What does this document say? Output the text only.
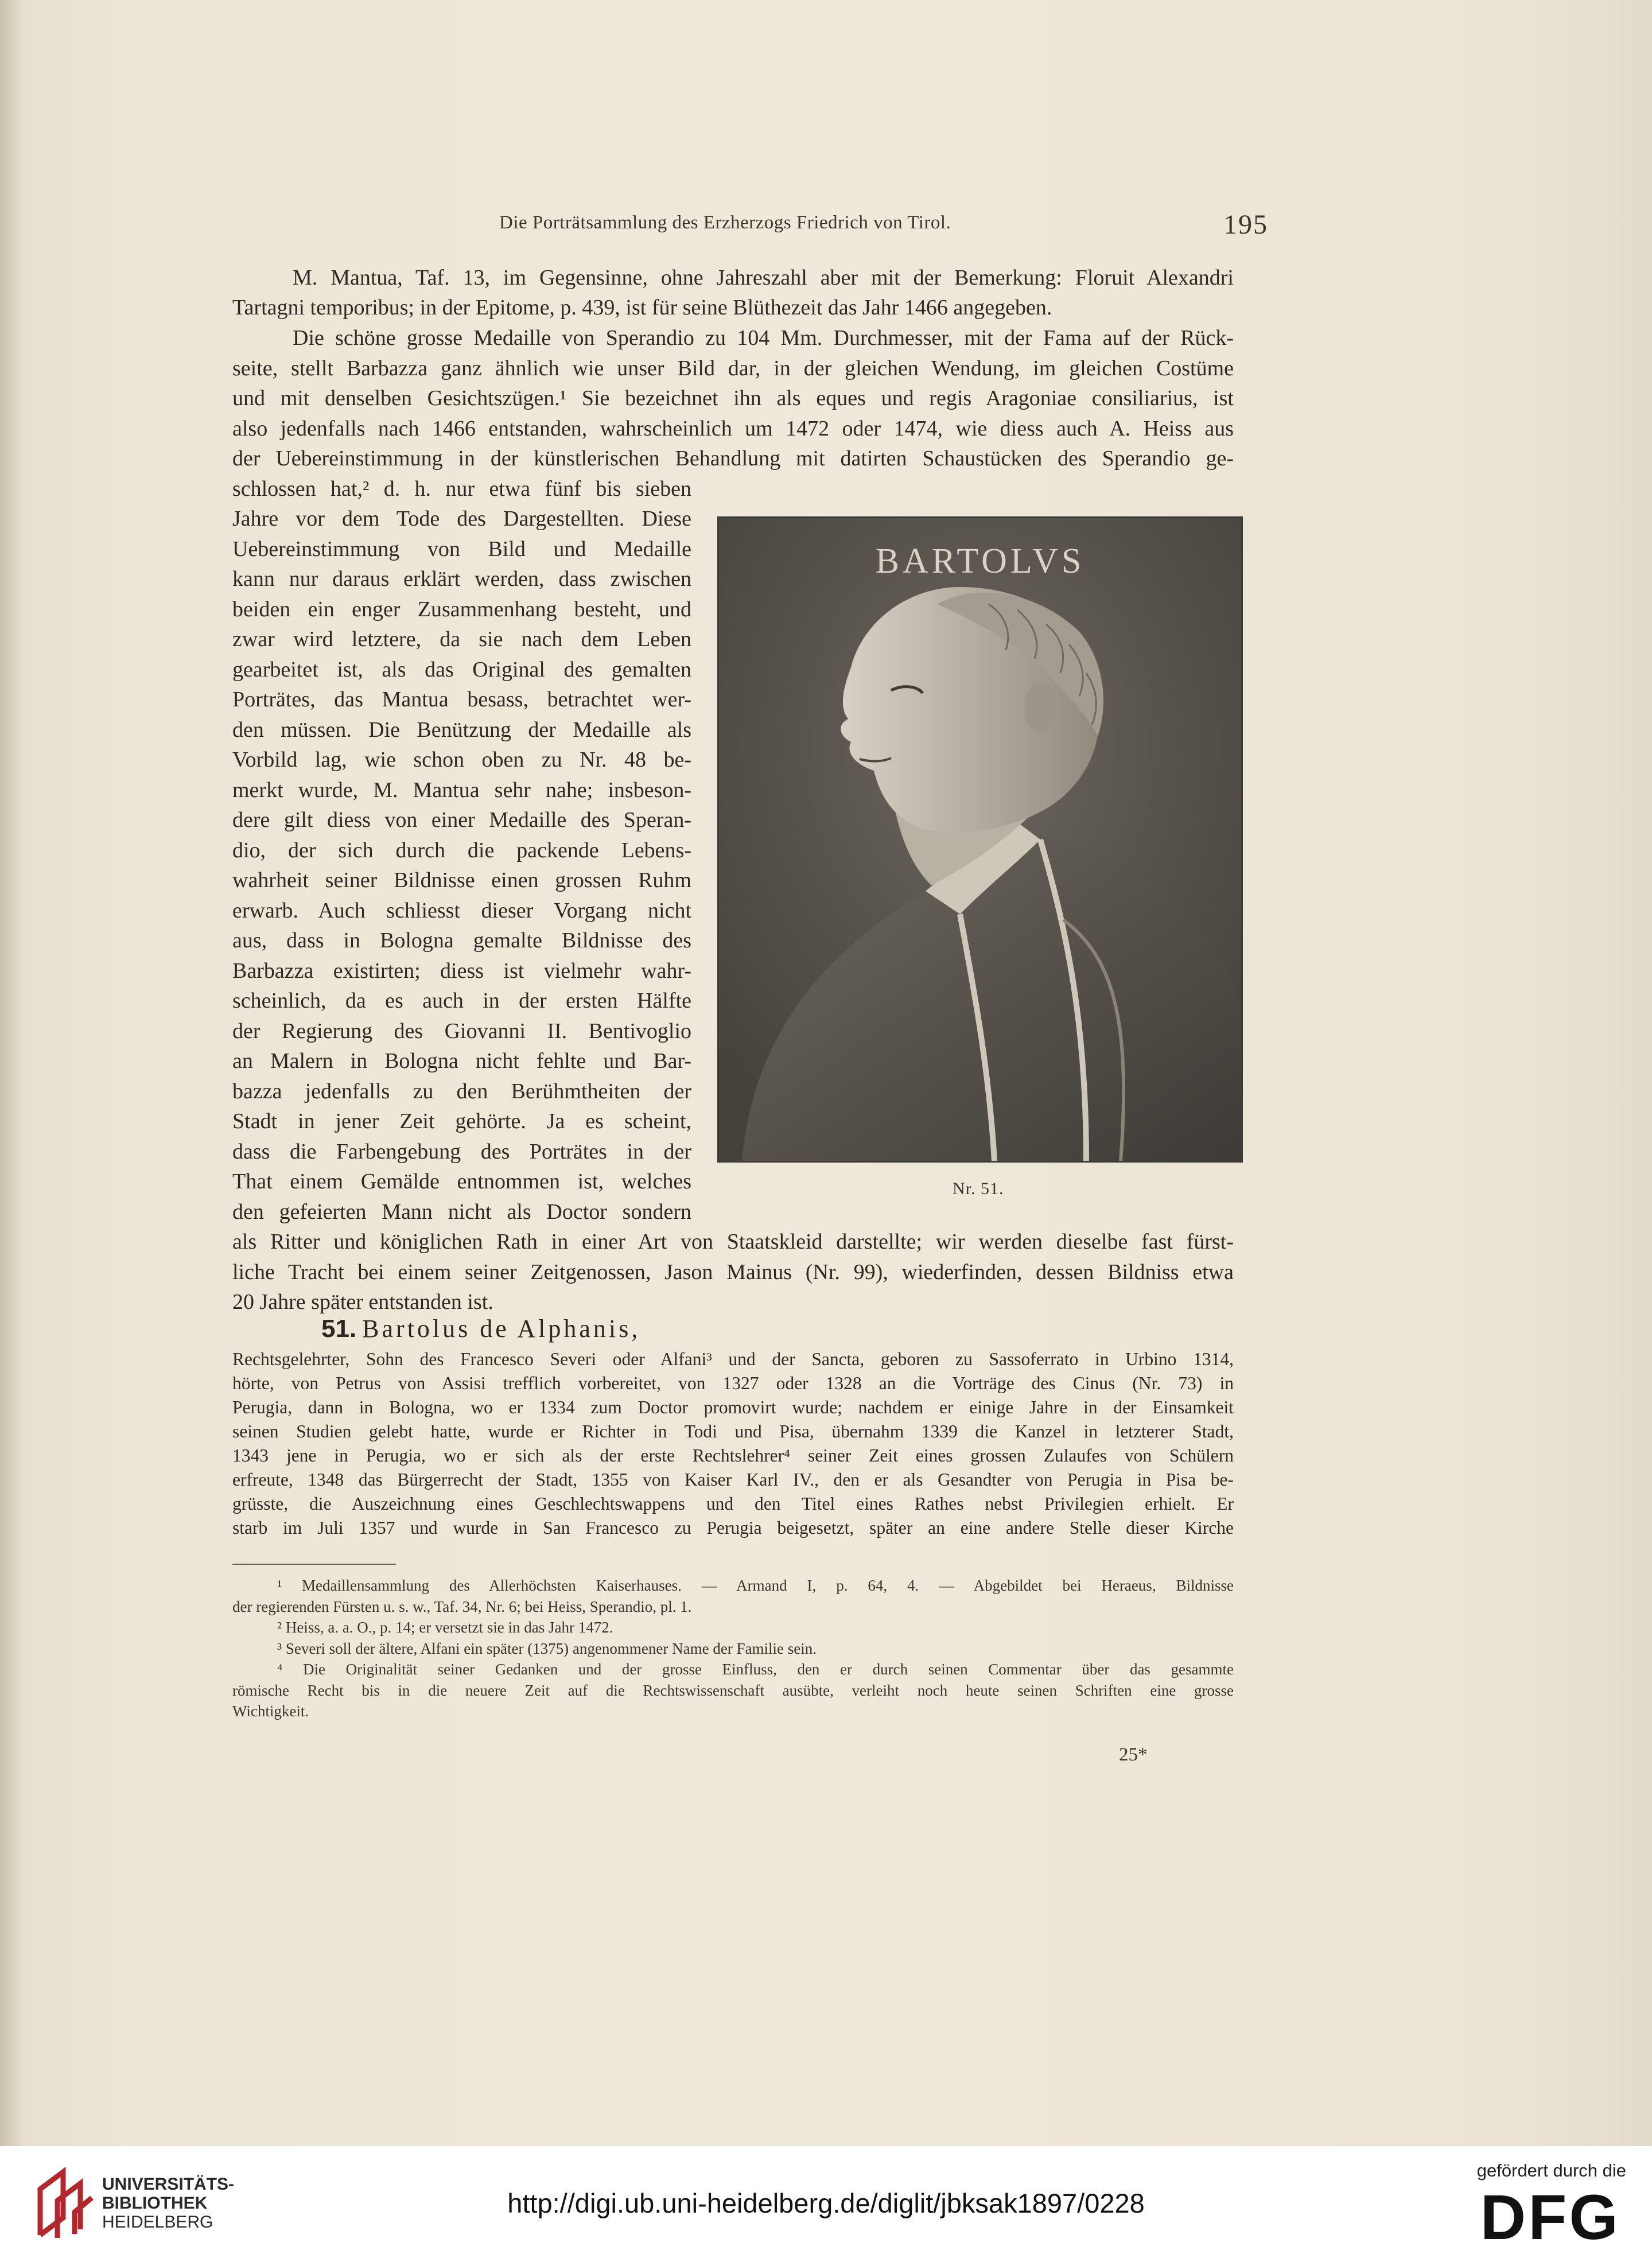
Die Porträtsammlung des Erzherzogs Friedrich von Tirol.	195
M. Mantua, Taf. 13, im Gegensinne, ohne Jahreszahl aber mit der Bemerkung: Floruit Alexandri
Tartagni temporibus; in der Epitome, p. 439, ist für seine Blüthezeit das Jahr 1466 angegeben.
Die schöne grosse Medaille von Sperandio zu 104 Mm. Durchmesser, mit der Fama auf der Rück-
seite, stellt Barbazza ganz ähnlich wie unser Bild dar, in der gleichen Wendung, im gleichen Costüme
und mit denselben Gesichtszügen.¹ Sie bezeichnet ihn als eques und regis Aragoniae consiliarius, ist
also jedenfalls nach 1466 entstanden, wahrscheinlich um 1472 oder 1474, wie diess auch A. Heiss aus
der Uebereinstimmung in der künstlerischen Behandlung mit datirten Schaustücken des Sperandio ge-
schlossen hat,² d. h. nur etwa fünf bis sieben
Jahre vor dem Tode des Dargestellten. Diese
Uebereinstimmung von Bild und Medaille
kann nur daraus erklärt werden, dass zwischen
beiden ein enger Zusammenhang besteht, und
zwar wird letztere, da sie nach dem Leben
gearbeitet ist, als das Original des gemalten
Porträtes, das Mantua besass, betrachtet wer-
den müssen. Die Benützung der Medaille als
Vorbild lag, wie schon oben zu Nr. 48 be-
merkt wurde, M. Mantua sehr nahe; insbeson-
dere gilt diess von einer Medaille des Speran-
dio, der sich durch die packende Lebens-
wahrheit seiner Bildnisse einen grossen Ruhm
erwarb. Auch schliesst dieser Vorgang nicht
aus, dass in Bologna gemalte Bildnisse des
Barbazza existirten; diess ist vielmehr wahr-
scheinlich, da es auch in der ersten Hälfte
der Regierung des Giovanni II. Bentivoglio
an Malern in Bologna nicht fehlte und Bar-
bazza jedenfalls zu den Berühmtheiten der
Stadt in jener Zeit gehörte. Ja es scheint,
dass die Farbengebung des Porträtes in der
That einem Gemälde entnommen ist, welches
den gefeierten Mann nicht als Doctor sondern
als Ritter und königlichen Rath in einer Art von Staatskleid darstellte; wir werden dieselbe fast fürst-
liche Tracht bei einem seiner Zeitgenossen, Jason Mainus (Nr. 99), wiederfinden, dessen Bildniss etwa
20 Jahre später entstanden ist.
BARTOLVS
Nr. 51.
51. Bartolus de Alphanis,
Rechtsgelehrter, Sohn des Francesco Severi oder Alfani³ und der Sancta, geboren zu Sassoferrato in Urbino 1314,
hörte, von Petrus von Assisi trefflich vorbereitet, von 1327 oder 1328 an die Vorträge des Cinus (Nr. 73) in
Perugia, dann in Bologna, wo er 1334 zum Doctor promovirt wurde; nachdem er einige Jahre in der Einsamkeit
seinen Studien gelebt hatte, wurde er Richter in Todi und Pisa, übernahm 1339 die Kanzel in letzterer Stadt,
1343 jene in Perugia, wo er sich als der erste Rechtslehrer⁴ seiner Zeit eines grossen Zulaufes von Schülern
erfreute, 1348 das Bürgerrecht der Stadt, 1355 von Kaiser Karl IV., den er als Gesandter von Perugia in Pisa be-
grüsste, die Auszeichnung eines Geschlechtswappens und den Titel eines Rathes nebst Privilegien erhielt. Er
starb im Juli 1357 und wurde in San Francesco zu Perugia beigesetzt, später an eine andere Stelle dieser Kirche
¹ Medaillensammlung des Allerhöchsten Kaiserhauses. — Armand I, p. 64, 4. — Abgebildet bei Heraeus, Bildnisse
der regierenden Fürsten u. s. w., Taf. 34, Nr. 6; bei Heiss, Sperandio, pl. 1.
² Heiss, a. a. O., p. 14; er versetzt sie in das Jahr 1472.
³ Severi soll der ältere, Alfani ein später (1375) angenommener Name der Familie sein.
⁴ Die Originalität seiner Gedanken und der grosse Einfluss, den er durch seinen Commentar über das gesammte
römische Recht bis in die neuere Zeit auf die Rechtswissenschaft ausübte, verleiht noch heute seinen Schriften eine grosse
Wichtigkeit.
25*
UNIVERSITÄTS-
BIBLIOTHEK
HEIDELBERG
http://digi.ub.uni-heidelberg.de/diglit/jbksak1897/0228
gefördert durch die
DFG
